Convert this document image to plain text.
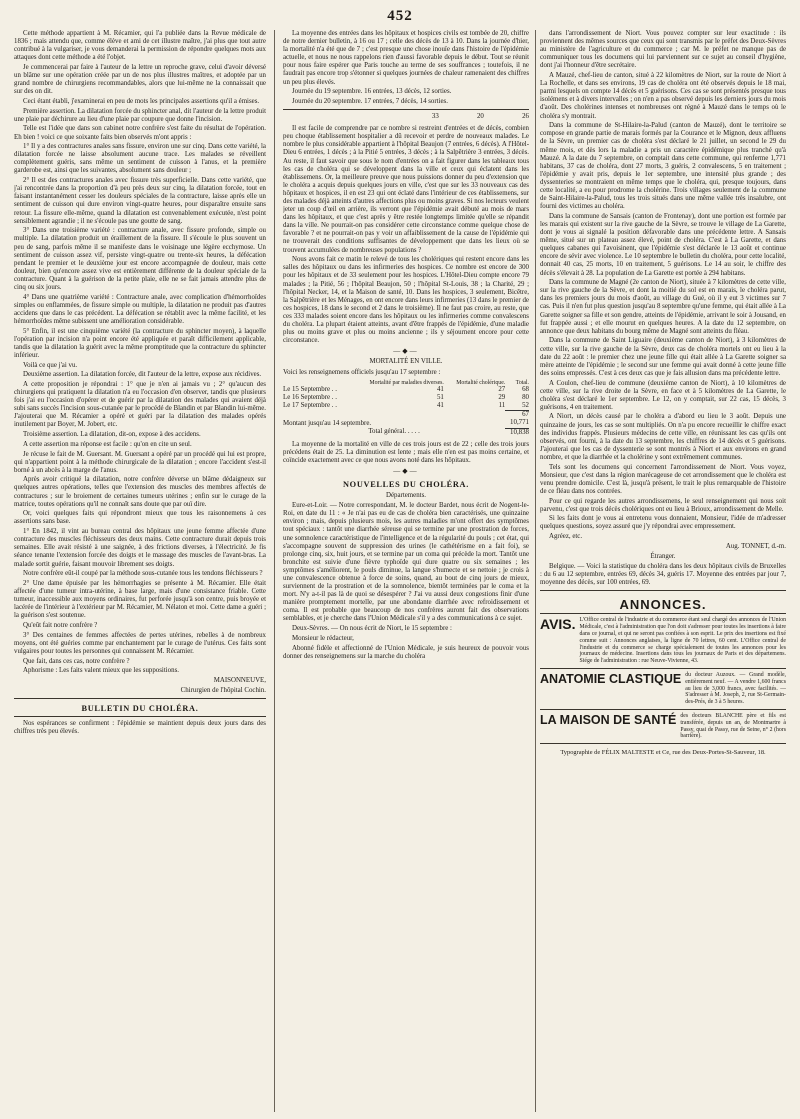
452

Cette méthode appartient à M. Récamier, qui l'a publiée dans la Revue médicale de 1836 ; mais attendu que, comme élève et ami de cet illustre maître, j'ai plus que tout autre contribué à la vulgariser, je vous demanderai la permission de répondre quelques mots aux attaques dont cette méthode a été l'objet.

Je commencerai par faire à l'auteur de la lettre un reproche grave, celui d'avoir déversé un blâme sur une opération créée par un de nos plus illustres maîtres, et adoptée par un grand nombre de chirurgiens recommandables, alors que lui-même ne la connaissait que sur des on dit.

Ceci étant établi, j'examinerai en peu de mots les principales assertions qu'il a émises.

Première assertion. La dilatation forcée du sphincter anal, dit l'auteur de la lettre produit une plaie par déchirure au lieu d'une plaie par coupure que donne l'incision.

Telle est l'idée que dans son cabinet notre confrère s'est faite du résultat de l'opération. Eh bien ! voici ce que soixante faits bien observés m'ont appris :

1° Il y a des contractures anales sans fissure, environ une sur cinq. Dans cette variété, la dilatation forcée ne laisse absolument aucune trace. Les malades se réveillent complètement guéris, sans même un sentiment de cuisson à l'anus, et la première garderobe est, ainsi que les suivantes, absolument sans douleur ;

2° Il est des contractures anales avec fissure très superficielle. Dans cette variété, que j'ai rencontrée dans la proportion d'à peu près deux sur cinq, la dilatation forcée, tout en faisant instantanément cesser les douleurs spéciales de la contracture, laisse après elle un sentiment de cuisson qui dure environ vingt-quatre heures, pour disparaître ensuite sans retour. La fissure elle-même, quand la dilatation est convenablement exécutée, n'est point sensiblement agrandie ; il ne s'écoule pas une goutte de sang.

3° Dans une troisième variété : contracture anale, avec fissure profonde, simple ou multiple. La dilatation produit un éraillement de la fissure. Il s'écoule le plus souvent un peu de sang, parfois même il se manifeste dans le voisinage une légère ecchymose. Un sentiment de cuisson assez vif, persiste vingt-quatre ou trente-six heures, la défécation pendant le premier et le deuxième jour est encore accompagnée de douleur, mais cette douleur, bien qu'encore assez vive est entièrement différente de la douleur spéciale de la contracture. Quant à la guérison de la petite plaie, elle ne se fait jamais attendre plus de cinq ou six jours.

4° Dans une quatrième variété : Contracture anale, avec complication d'hémorrhoïdes simples ou enflammées, de fissure simple ou multiple, la dilatation ne produit pas d'autres accidens que dans le cas précédent. La défécation se rétablit avec la même facilité, et les hémorrhoïdes même subissent une amélioration considérable.

5° Enfin, il est une cinquième variété (la contracture du sphincter moyen), à laquelle l'opération par incision n'a point encore été appliquée et paraît difficilement applicable, tandis que la dilatation la guérit avec la même promptitude que la contracture du sphincter inférieur.

Voilà ce que j'ai vu.

Deuxième assertion. La dilatation forcée, dit l'auteur de la lettre, expose aux récidives.

A cette proposition je répondrai : 1° que je n'en ai jamais vu ; 2° qu'aucun des chirurgiens qui pratiquent la dilatation n'a eu l'occasion d'en observer, tandis que plusieurs fois j'ai eu l'occasion d'opérer et de guérir par la dilatation des malades qui avaient déjà subi sans succès l'incision sous-cutanée par le procédé de Blandin et par Blandin lui-même. J'ajouterai que M. Récamier a opéré et guéri par la dilatation des malades opérés inutilement par Boyer, M. Jobert, etc.

Troisième assertion. La dilatation, dit-on, expose à des accidens.

A cette assertion ma réponse est facile : qu'on en cite un seul.

Je récuse le fait de M. Guersant. M. Guersant a opéré par un procédé qui lui est propre, qui n'appartient point à la méthode chirurgicale de la dilatation ; encore l'accident s'est-il borné à un abcès à la marge de l'anus.

Après avoir critiqué la dilatation, notre confrère déverse un blâme dédaigneux sur quelques autres opérations, telles que l'extension des muscles des membres affectés de contractures ; sur le broiement de certaines tumeurs utérines ; enfin sur le curage de la matrice, toutes opérations qu'il ne connaît sans doute que par ouï dire.

Or, voici quelques faits qui répondront mieux que tous les raisonnemens à ces assertions sans base.

1° En 1842, il vint au bureau central des hôpitaux une jeune femme affectée d'une contracture des muscles fléchisseurs des deux mains. Cette contracture durait depuis trois semaines. Elle avait résisté à une saignée, à des frictions diverses, à l'électricité. Je fis séance tenante l'extension forcée des doigts et le massage des muscles de l'avant-bras. La malade sortit guérie, faisant mouvoir librement ses doigts.

Notre confrère eût-il coupé par la méthode sous-cutanée tous les tendons fléchisseurs ?

2° Une dame épuisée par les hémorrhagies se présente à M. Récamier. Elle était affectée d'une tumeur intra-utérine, à base large, mais d'une consistance friable. Cette tumeur, inaccessible aux moyens ordinaires, fut perforée jusqu'à son centre, puis broyée et lacérée de l'intérieur à l'extérieur par M. Récamier, M. Nélaton et moi. Cette dame a guéri ; la guérison s'est soutenue.

Qu'eût fait notre confrère ?

3° Des centaines de femmes affectées de pertes utérines, rebelles à de nombreux moyens, ont été guéries comme par enchantement par le curage de l'utérus. Ces faits sont vulgaires pour toutes les personnes qui connaissent M. Récamier.

Que fait, dans ces cas, notre confrère ?

Aphorisme : Les faits valent mieux que les suppositions.

MAISONNEUVE,

Chirurgien de l'hôpital Cochin.

BULLETIN DU CHOLÉRA.

Nos espérances se confirment : l'épidémie se maintient depuis deux jours dans des chiffres très peu élevés.

La moyenne des entrées dans les hôpitaux et hospices civils est tombée de 20, chiffre de notre dernier bulletin, à 16 ou 17 ; celle des décès de 13 à 10. Dans la journée d'hier, la mortalité n'a été que de 7 ; c'est presque une chose inouïe dans l'histoire de l'épidémie actuelle, et nous ne nous rappelons rien d'aussi favorable depuis le début. Tout se réunit pour nous faire espérer que Paris touche au terme de ses souffrances ; toutefois, il ne faudrait pas encore trop s'étonner si quelques journées de chaleur ramenaient des chiffres un peu plus élevés.

Journée du 19 septembre. 16 entrées, 13 décès, 12 sorties.

Journée du 20 septembre. 17 entrées, 7 décès, 14 sorties.

	33	20	26

Il est facile de comprendre par ce nombre si restreint d'entrées et de décès, combien peu choque établissement hospitalier a dû recevoir et perdre de nouveaux malades. Le nombre le plus considérable appartient à l'hôpital Beaujon (7 entrées, 6 décès). A l'Hôtel-Dieu 6 entrées, 1 décès ; à la Pitié 5 entrées, 3 décès ; à la Salpêtrière 3 entrées, 3 décès. Au reste, il faut savoir que sous le nom d'entrées on a fait figurer dans les tableaux tous les cas de choléra qui se développent dans la ville et ceux qui éclatent dans les établissemens. Or, la meilleure preuve que nous puissions donner du peu d'extension que le choléra a acquis depuis quelques jours en ville, c'est que sur les 33 nouveaux cas des hôpitaux et hospices, il en est 23 qui ont éclaté dans l'intérieur de ces établissemens, sur des malades déjà atteints d'autres affections plus ou moins graves. Si nos lecteurs veulent jeter un coup d'œil en arrière, ils verront que l'épidémie avait débuté au mois de mars dans les hôpitaux, et que c'est après y être restée longtemps limitée qu'elle se répandit dans la ville. Ne pourrait-on pas considérer cette circonstance comme quelque chose de favorable ? et ne pourrait-on pas y voir un affaiblissement de la cause de l'épidémie qui ne trouverait des conditions suffisantes de développement que dans les lieux où se trouvent accumulées de nombreuses populations ?

Nous avons fait ce matin le relevé de tous les cholériques qui restent encore dans les salles des hôpitaux ou dans les infirmeries des hospices. Ce nombre est encore de 300 pour les hôpitaux et de 33 seulement pour les hospices. L'Hôtel-Dieu compte encore 79 malades ; la Pitié, 56 ; l'hôpital Beaujon, 50 ; l'hôpital St-Louis, 38 ; la Charité, 29 ; l'hôpital Necker, 14, et la Maison de santé, 10. Dans les hospices, 3 seulement, Bicêtre, la Salpêtrière et les Ménages, en ont encore dans leurs infirmeries (13 dans le premier de ces hospices, 18 dans le second et 2 dans le troisième). Il ne faut pas croire, au reste, que ces 333 malades soient encore dans les hôpitaux ou les infirmeries comme convalescens du choléra. La plupart étaient atteints, avant d'être frappés de l'épidémie, d'une maladie plus ou moins grave et plus ou moins ancienne ; ils y séjournent encore pour cette circonstance.

—◆—
MORTALITÉ EN VILLE.

Voici les renseignemens officiels jusqu'au 17 septembre :

	Mortalité par maladies diverses.	Mortalité cholérique.	Total.
Le 15 Septembre . .	41	27	68
Le 16 Septembre . .	51	29	80
Le 17 Septembre . .	41	11	52
			67
Montant jusqu'au 14 septembre.			10,771
Total général. . . . .			10,838

La moyenne de la mortalité en ville de ces trois jours est de 22 ; celle des trois jours précédens était de 25. La diminution est lente ; mais elle n'en est pas moins certaine, et coïncide exactement avec ce que nous avons noté dans les hôpitaux.

—◆—
NOUVELLES DU CHOLÉRA.
Départements.

Eure-et-Loir. — Notre correspondant, M. le docteur Bardet, nous écrit de Nogent-le-Roi, en date du 11 : « Je n'ai pas eu de cas de choléra bien caractérisés, une quinzaine environ ; mais, depuis plusieurs mois, les autres maladies m'ont offert des symptômes tout spéciaux : tantôt une diarrhée séreuse qui se termine par une prostration de forces, une somnolence caractéristique de l'intelligence et de la régularité du pouls ; cet état, qui s'accompagne souvent de suppression des urines (le cathétérisme en a fait foi), se prolonge cinq, six, huit jours, et se termine par un coma qui précède la mort. Tantôt une bronchite est suivie d'une fièvre typhoïde qui dure quatre ou six semaines ; les symptômes s'améliorent, le pouls diminue, la langue s'humecte et se nettoie ; je crois à une convalescence obtenue à force de soins, quand, au bout de cinq jours de mieux, surviennent de la prostration et de la somnolence, bientôt terminées par le coma et la mort. N'y a-t-il pas là de quoi se désespérer ? J'ai vu aussi deux congestions finir d'une manière promptement mortelle, par une abondante diarrhée avec refroidissement et coma. Il est probable que beaucoup de nos confrères auront fait des observations semblables, et je cherche dans l'Union Médicale s'il y a des communications à ce sujet.

Deux-Sèvres. — On nous écrit de Niort, le 15 septembre :

Monsieur le rédacteur,

Abonné fidèle et affectionné de l'Union Médicale, je suis heureux de pouvoir vous donner des renseignemens sur la marche du choléra

dans l'arrondissement de Niort. Vous pouvez compter sur leur exactitude : ils proviennent des mêmes sources que ceux qui sont transmis par le préfet des Deux-Sèvres au ministère de l'agriculture et du commerce ; car M. le préfet ne manque pas de communiquer tous les documens qui lui parviennent sur ce sujet au conseil d'hygiène, dont j'ai l'honneur d'être secrétaire.

A Mauzé, chef-lieu de canton, situé à 22 kilomètres de Niort, sur la route de Niort à La Rochelle, et dans ses environs, 19 cas de choléra ont été observés depuis le 18 mai, parmi lesquels on compte 14 décès et 5 guérisons. Ces cas se sont présentés presque tous isolémens et à divers intervalles ; on n'en a pas observé depuis les derniers jours du mois d'août. Des cholérines intenses et nombreuses ont régné à Mauzé dans le temps où le choléra s'y montrait.

Dans la commune de St-Hilaire-la-Palud (canton de Mauzé), dont le territoire se compose en grande partie de marais formés par la Courance et le Mignon, deux affluens de la Sèvre, un premier cas de choléra s'est déclaré le 21 juillet, un second le 29 du même mois, et dès lors la maladie a pris un caractère épidémique plus tranché qu'à Mauzé. A la date du 7 septembre, on comptait dans cette commune, qui renferme 1,771 habitans, 37 cas de choléra, dont 27 morts, 3 guéris, 2 convalescens, 5 en traitement ; l'épidémie y avait pris, depuis le 1er septembre, une intensité plus grande ; des dyssenteries se montraient en même temps que le choléra, qui, presque toujours, dans cette localité, a eu pour prodrome la cholérine. Trois villages seulement de la commune de Saint-Hilaire-la-Palud, tous les trois situés dans une même vallée très insalubre, ont fourni des victimes au choléra.

Dans la commune de Sansais (canton de Frontenay), dont une portion est formée par les marais qui existent sur la rive gauche de la Sèvre, se trouve le village de La Garette, dont je vous ai signalé la position défavorable dans une précédente lettre. A Sansais même, situé sur un plateau assez élevé, point de choléra. C'est à La Garette, et dans quelques cabanes qui l'avoisinent, que l'épidémie s'est déclarée le 13 août et continue encore de sévir avec violence. Le 10 septembre le bulletin du choléra, pour cette localité, donnait 40 cas, 25 morts, 10 en traitement, 5 guérisons. Le 14 au soir, le chiffre des décès s'élevait à 28. La population de La Garette est portée à 294 habitans.

Dans la commune de Magné (2e canton de Niort), située à 7 kilomètres de cette ville, sur la rive gauche de la Sèvre, et dont la moitié du sol est en marais, le choléra parut, dans les premiers jours du mois d'août, au village du Gué, où il y eut 3 victimes sur 7 cas. Puis il n'en fut plus question jusqu'au 8 septembre qu'une femme, qui était allée à La Garette soigner sa fille et son gendre, atteints de l'épidémie, arrivant le soir à Jousand, en fut frappée aussi ; et elle mourut en quelques heures. A la date du 12 septembre, on annonce que deux habitans du bourg même de Magné sont atteints du fléau.

Dans la commune de Saint Liguaire (deuxième canton de Niort), à 3 kilomètres de cette ville, sur la rive gauche de la Sèvre, deux cas de choléra mortels ont eu lieu à la date du 22 août : le premier chez une jeune fille qui était allée à La Garette soigner sa mère atteinte de l'épidémie ; le second sur une femme qui avait donné à cette jeune fille des soins empressés. C'est à ces deux cas que je fais allusion dans ma précédente lettre.

A Coulon, chef-lieu de commune (deuxième canton de Niort), à 10 kilomètres de cette ville, sur la rive droite de la Sèvre, en face et à 5 kilomètres de La Garette, le choléra s'est déclaré le 1er septembre. Le 12, on y comptait, sur 22 cas, 15 décès, 3 guérisons, 4 en traitement.

A Niort, un décès causé par le choléra a d'abord eu lieu le 3 août. Depuis une quinzaine de jours, les cas se sont multipliés. On n'a pu encore recueillir le chiffre exact des individus frappés. Plusieurs médecins de cette ville, en réunissant les cas qu'ils ont observés, ont fourni, à la date du 13 septembre, les chiffres de 14 décès et 5 guérisons. J'ajouterai que les cas de dyssenterie se sont montrés à Niort et aux environs en grand nombre, et que la diarrhée et la cholérine y sont extrêmement communes.

Tels sont les documens qui concernent l'arrondissement de Niort. Vous voyez, Monsieur, que c'est dans la région marécageuse de cet arrondissement que le choléra est venu prendre domicile. C'est là, jusqu'à présent, le trait le plus remarquable de l'histoire de ce fléau dans nos contrées.

Pour ce qui regarde les autres arrondissemens, le seul renseignement qui nous soit parvenu, c'est que trois décès cholériques ont eu lieu à Brioux, arrondissement de Melle.

Si les faits dont je vous ai entretenu vous donnaient, Monsieur, l'idée de m'adresser quelques questions, soyez assuré que j'y répondrai avec empressement.

Agréez, etc.

Aug. TONNET, d.-m.

Étranger.

Belgique. — Voici la statistique du choléra dans les deux hôpitaux civils de Bruxelles : du 6 au 12 septembre, entrées 69, décès 34, guéris 17. Moyenne des entrées par jour 7, moyenne des décès, sur 100 entrées, 69.

ANNONCES.
AVIS. L'Office central de l'industrie et du commerce étant seul chargé des annonces de l'Union Médicale, c'est à l'administration que l'on doit s'adresser pour toutes les insertions à faire dans ce journal, et qui ne seront pas confiées à son esprit. Le prix des insertions est fixé comme suit : Annonces anglaises, la ligne de 70 lettres, 60 cent. L'Office central de l'industrie et du commerce se charge spécialement de toutes les annonces pour les journaux de médecine. Insertions dans tous les journaux de Paris et des départemens. Siége de l'administration : rue Neuve-Vivienne, 43.
ANATOMIE CLASTIQUE du docteur Auzoux. — Grand modèle, entièrement neuf. — A vendre 1,600 francs au lieu de 3,000 francs, avec facilités. — S'adresser à M. Joseph, 2, rue St-Germain-des-Prés, de 3 à 5 heures.
LA MAISON DE SANTÉ des docteurs BLANCHE père et fils est transférée, depuis un an, de Montmartre à Passy, quai de Passy, rue de Seine, n° 2 (hors barrière).
Typographie de FÉLIX MALTESTE et Ce, rue des Deux-Portes-St-Sauveur, 18.
